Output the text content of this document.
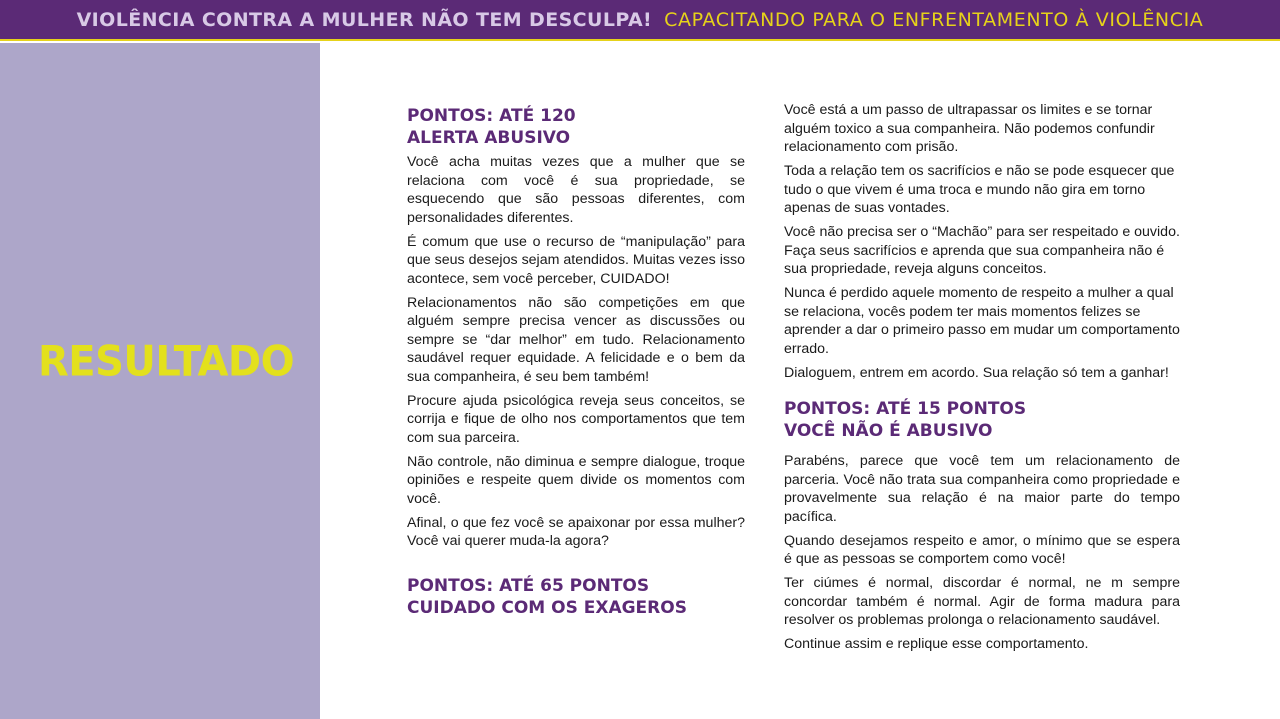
VIOLÊNCIA CONTRA A MULHER NÃO TEM DESCULPA! CAPACITANDO PARA O ENFRENTAMENTO À VIOLÊNCIA
RESULTADO
PONTOS: ATÉ 120
ALERTA ABUSIVO

Você acha muitas vezes que a mulher que se relaciona com você é sua propriedade, se esquecendo que são pessoas diferentes, com personalidades diferentes.

É comum que use o recurso de “manipulação” para que seus desejos sejam atendidos. Muitas vezes isso acontece, sem você perceber, CUIDADO!

Relacionamentos não são competições em que alguém sempre precisa vencer as discussões ou sempre se “dar melhor” em tudo. Relacionamento saudável requer equidade. A felicidade e o bem da sua companheira, é seu bem também!

Procure ajuda psicológica reveja seus conceitos, se corrija e fique de olho nos comportamentos que tem com sua parceira.

Não controle, não diminua e sempre dialogue, troque opiniões e respeite quem divide os momentos com você.

Afinal, o que fez você se apaixonar por essa mulher? Você vai querer muda-la agora?

PONTOS: ATÉ 65 PONTOS
CUIDADO COM OS EXAGEROS

Você está a um passo de ultrapassar os limites e se tornar alguém toxico a sua companheira. Não podemos confundir relacionamento com prisão.

Toda a relação tem os sacrifícios e não se pode esquecer que tudo o que vivem é uma troca e mundo não gira em torno apenas de suas vontades.

Você não precisa ser o “Machão” para ser respeitado e ouvido. Faça seus sacrifícios e aprenda que sua companheira não é sua propriedade, reveja alguns conceitos.

Nunca é perdido aquele momento de respeito a mulher a qual se relaciona, vocês podem ter mais momentos felizes se aprender a dar o primeiro passo em mudar um comportamento errado.

Dialoguem, entrem em acordo. Sua relação só tem a ganhar!

PONTOS: ATÉ 15 PONTOS
VOCÊ NÃO É ABUSIVO

Parabéns, parece que você tem um relacionamento de parceria. Você não trata sua companheira como propriedade e provavelmente sua relação é na maior parte do tempo pacífica.

Quando desejamos respeito e amor, o mínimo que se espera é que as pessoas se comportem como você!

Ter ciúmes é normal, discordar é normal, ne m sempre concordar também é normal. Agir de forma madura para resolver os problemas prolonga o relacionamento saudável.

Continue assim e replique esse comportamento.
